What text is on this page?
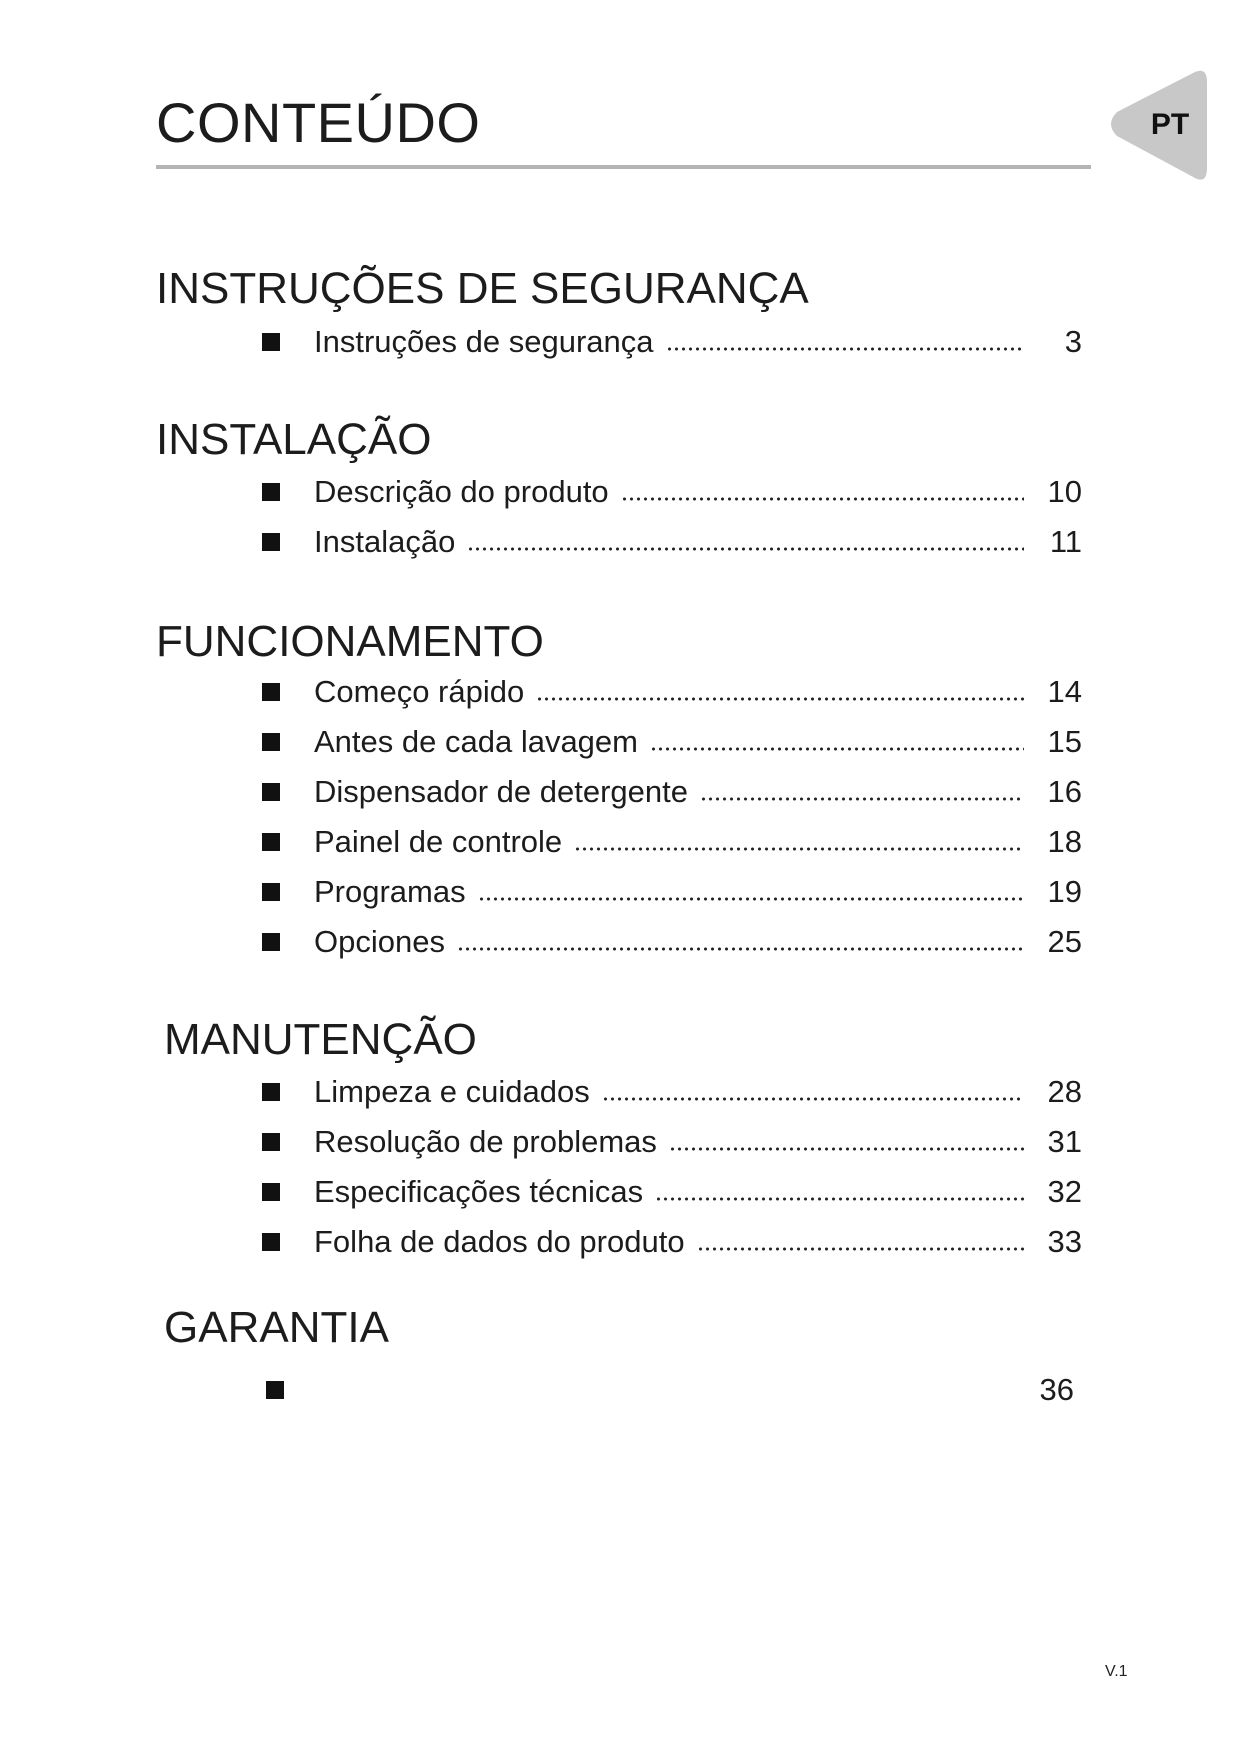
CONTEÚDO	PT
INSTRUÇÕES DE SEGURANÇA
Instruções de segurança	3
INSTALAÇÃO
Descrição do produto	10
Instalação	11
FUNCIONAMENTO
Começo rápido	14
Antes de cada lavagem	15
Dispensador de detergente	16
Painel de controle	18
Programas	19
Opciones	25
MANUTENÇÃO
Limpeza e cuidados	28
Resolução de problemas	31
Especificações técnicas	32
Folha de dados do produto	33
GARANTIA
36
V.1
